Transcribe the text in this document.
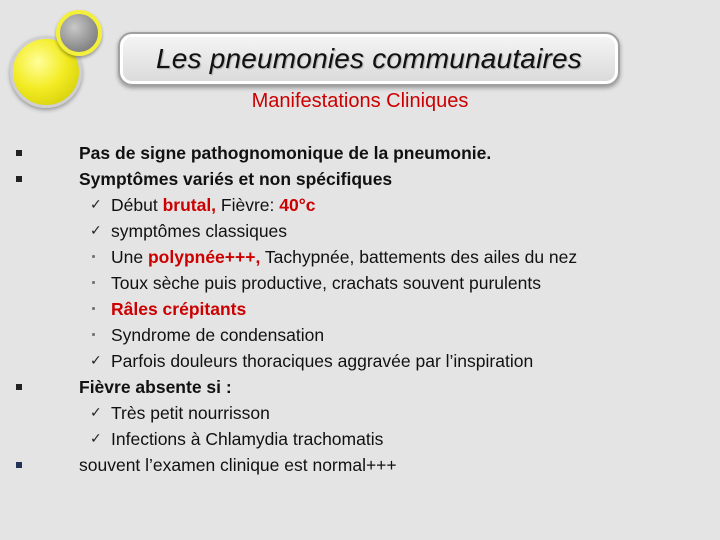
Les pneumonies communautaires
Manifestations Cliniques
Pas de signe pathognomonique de la pneumonie.
Symptômes variés et non spécifiques
✓ Début brutal, Fièvre: 40°c
✓ symptômes classiques
Une polypnée+++, Tachypnée, battements des ailes du nez
Toux sèche puis productive, crachats souvent purulents
Râles crépitants
Syndrome de condensation
✓ Parfois douleurs thoraciques aggravée par l’inspiration
Fièvre absente si :
✓ Très petit nourrisson
✓ Infections à Chlamydia trachomatis
souvent l’examen clinique est normal+++
